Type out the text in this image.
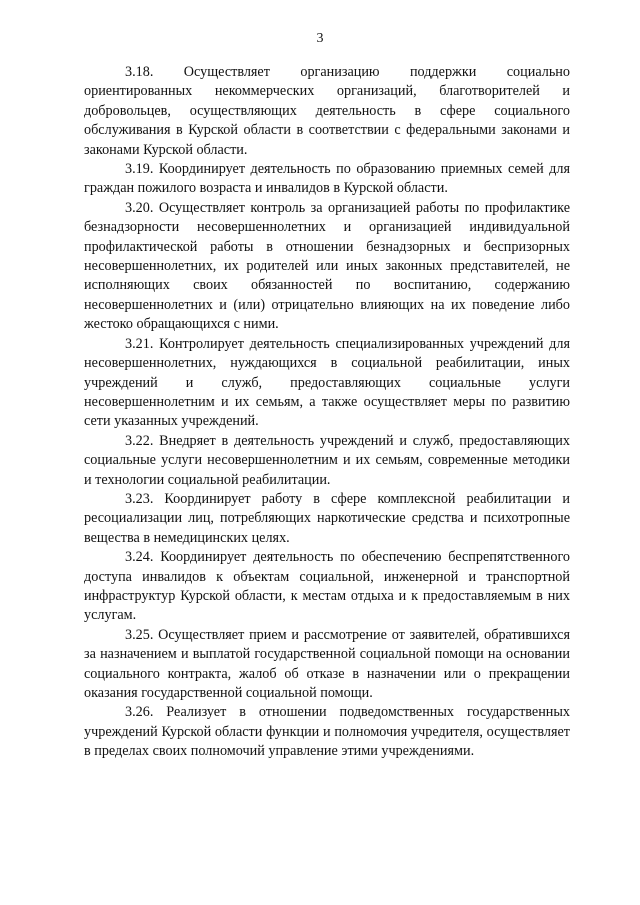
3

3.18. Осуществляет организацию поддержки социально ориентированных некоммерческих организаций, благотворителей и добровольцев, осуществляющих деятельность в сфере социального обслуживания в Курской области в соответствии с федеральными законами и законами Курской области.

3.19. Координирует деятельность по образованию приемных семей для граждан пожилого возраста и инвалидов в Курской области.

3.20. Осуществляет контроль за организацией работы по профилактике безнадзорности несовершеннолетних и организацией индивидуальной профилактической работы в отношении безнадзорных и беспризорных несовершеннолетних, их родителей или иных законных представителей, не исполняющих своих обязанностей по воспитанию, содержанию несовершеннолетних и (или) отрицательно влияющих на их поведение либо жестоко обращающихся с ними.

3.21. Контролирует деятельность специализированных учреждений для несовершеннолетних, нуждающихся в социальной реабилитации, иных учреждений и служб, предоставляющих социальные услуги несовершеннолетним и их семьям, а также осуществляет меры по развитию сети указанных учреждений.

3.22. Внедряет в деятельность учреждений и служб, предоставляющих социальные услуги несовершеннолетним и их семьям, современные методики и технологии социальной реабилитации.

3.23. Координирует работу в сфере комплексной реабилитации и ресоциализации лиц, потребляющих наркотические средства и психотропные вещества в немедицинских целях.

3.24. Координирует деятельность по обеспечению беспрепятственного доступа инвалидов к объектам социальной, инженерной и транспортной инфраструктур Курской области, к местам отдыха и к предоставляемым в них услугам.

3.25. Осуществляет прием и рассмотрение от заявителей, обратившихся за назначением и выплатой государственной социальной помощи на основании социального контракта, жалоб об отказе в назначении или о прекращении оказания государственной социальной помощи.

3.26. Реализует в отношении подведомственных государственных учреждений Курской области функции и полномочия учредителя, осуществляет в пределах своих полномочий управление этими учреждениями.
